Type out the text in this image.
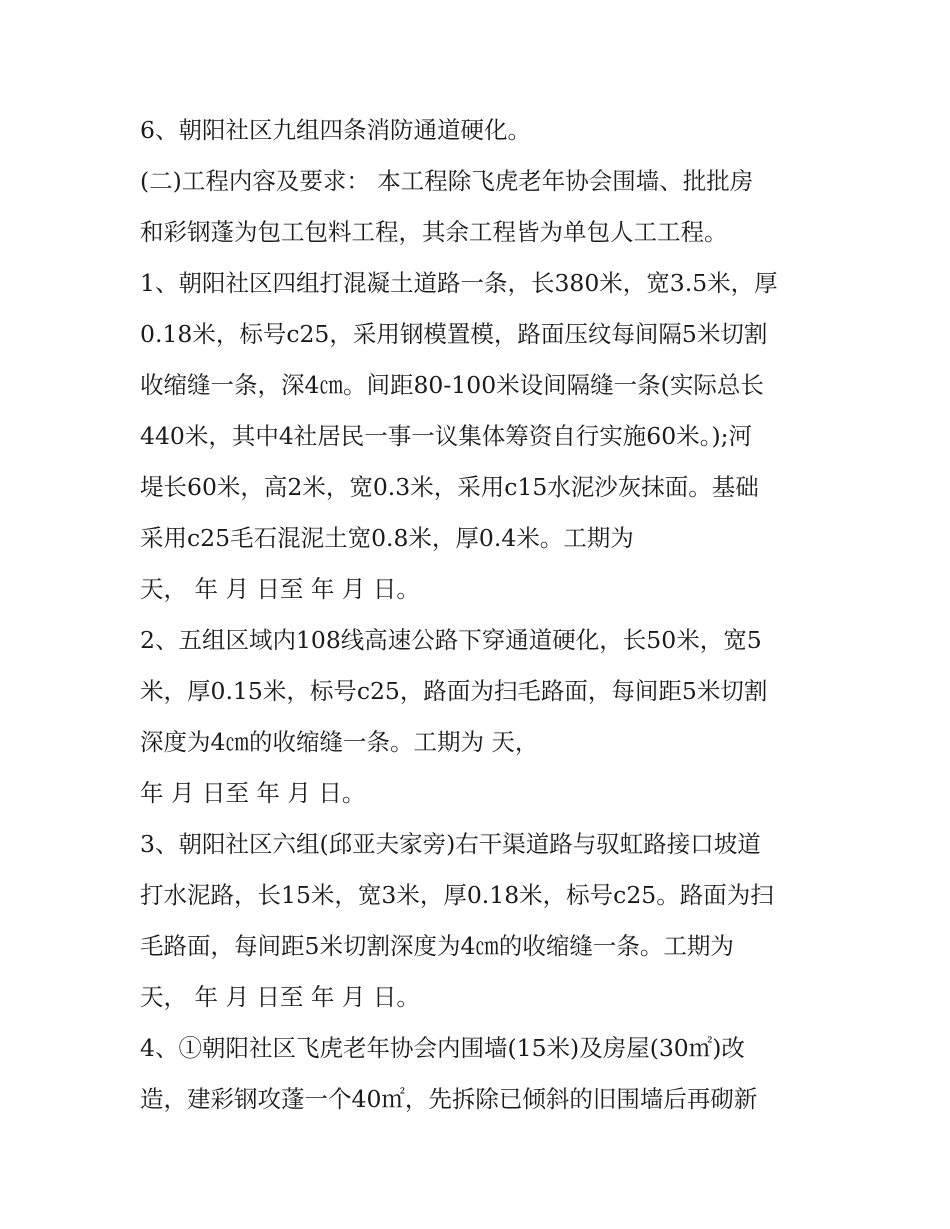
6、朝阳社区九组四条消防通道硬化。
(二)工程内容及要求： 本工程除飞虎老年协会围墙、批批房
和彩钢蓬为包工包料工程，其余工程皆为单包人工工程。
1、朝阳社区四组打混凝土道路一条，长380米，宽3.5米，厚
0.18米，标号c25，采用钢模置模，路面压纹每间隔5米切割
收缩缝一条，深4㎝。间距80-100米设间隔缝一条(实际总长
440米，其中4社居民一事一议集体筹资自行实施60米。);河
堤长60米，高2米，宽0.3米，采用c15水泥沙灰抹面。基础
采用c25毛石混泥土宽0.8米，厚0.4米。工期为
天， 年 月 日至 年 月 日。
2、五组区域内108线高速公路下穿通道硬化，长50米，宽5
米，厚0.15米，标号c25，路面为扫毛路面，每间距5米切割
深度为4㎝的收缩缝一条。工期为 天，
年 月 日至 年 月 日。
3、朝阳社区六组(邱亚夫家旁)右干渠道路与驭虹路接口坡道
打水泥路，长15米，宽3米，厚0.18米，标号c25。路面为扫
毛路面，每间距5米切割深度为4㎝的收缩缝一条。工期为
天， 年 月 日至 年 月 日。
4、①朝阳社区飞虎老年协会内围墙(15米)及房屋(30㎡)改
造，建彩钢攻蓬一个40㎡，先拆除已倾斜的旧围墙后再砌新
